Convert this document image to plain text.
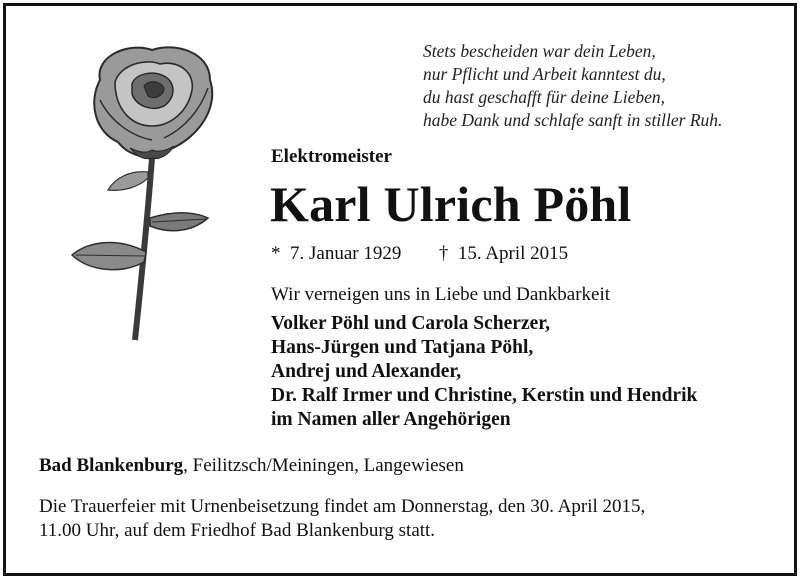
Stets bescheiden war dein Leben,
nur Pflicht und Arbeit kanntest du,
du hast geschafft für deine Lieben,
habe Dank und schlafe sanft in stiller Ruh.
Elektromeister
Karl Ulrich Pöhl
* 7. Januar 1929 † 15. April 2015
Wir verneigen uns in Liebe und Dankbarkeit
Volker Pöhl und Carola Scherzer,
Hans-Jürgen und Tatjana Pöhl,
Andrej und Alexander,
Dr. Ralf Irmer und Christine, Kerstin und Hendrik
im Namen aller Angehörigen
Bad Blankenburg, Feilitzsch/Meiningen, Langewiesen
Die Trauerfeier mit Urnenbeisetzung findet am Donnerstag, den 30. April 2015,
11.00 Uhr, auf dem Friedhof Bad Blankenburg statt.
